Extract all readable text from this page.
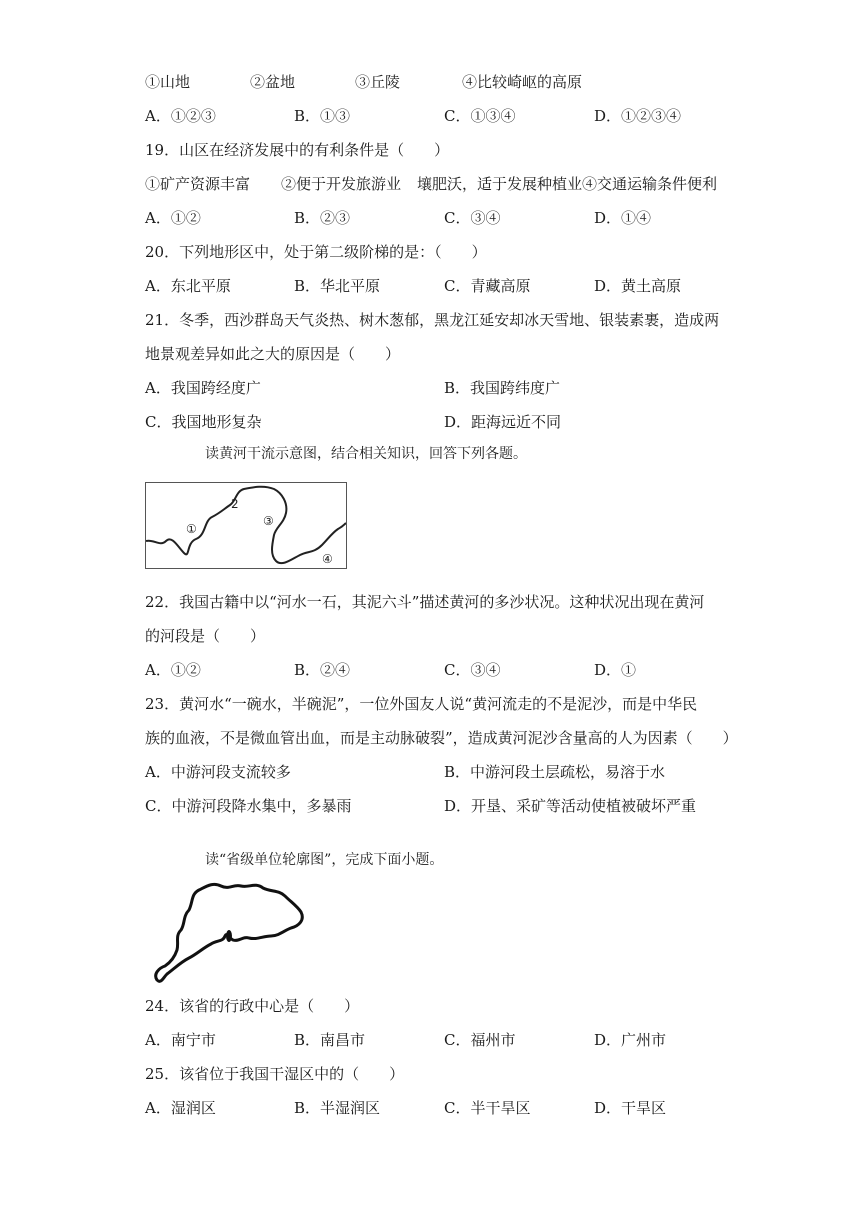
①山地	②盆地	③丘陵	④比较崎岖的高原
A．①②③	B．①③	C．①③④	D．①②③④
19．山区在经济发展中的有利条件是（　　）
①矿产资源丰富 ②便于开发旅游业 壤肥沃，适于发展种植业④交通运输条件便利
A．①②	B．②③	C．③④	D．①④
20．下列地形区中，处于第二级阶梯的是：（　　）
A．东北平原	B．华北平原	C．青藏高原	D．黄土高原
21．冬季，西沙群岛天气炎热、树木葱郁，黑龙江延安却冰天雪地、银装素裹，造成两
地景观差异如此之大的原因是（　　）
A．我国跨经度广	B．我国跨纬度广
C．我国地形复杂	D．距海远近不同
读黄河干流示意图，结合相关知识，回答下列各题。
①
2
③
④
22．我国古籍中以“河水一石，其泥六斗”描述黄河的多沙状况。这种状况出现在黄河
的河段是（　　）
A．①②	B．②④	C．③④	D．①
23．黄河水“一碗水，半碗泥”，一位外国友人说“黄河流走的不是泥沙，而是中华民
族的血液，不是微血管出血，而是主动脉破裂”，造成黄河泥沙含量高的人为因素（　　）
A．中游河段支流较多	B．中游河段土层疏松，易溶于水
C．中游河段降水集中，多暴雨	D．开垦、采矿等活动使植被破坏严重
读“省级单位轮廓图”，完成下面小题。
24．该省的行政中心是（　　）
A．南宁市	B．南昌市	C．福州市	D．广州市
25．该省位于我国干湿区中的（　　）
A．湿润区	B．半湿润区	C．半干旱区	D．干旱区
